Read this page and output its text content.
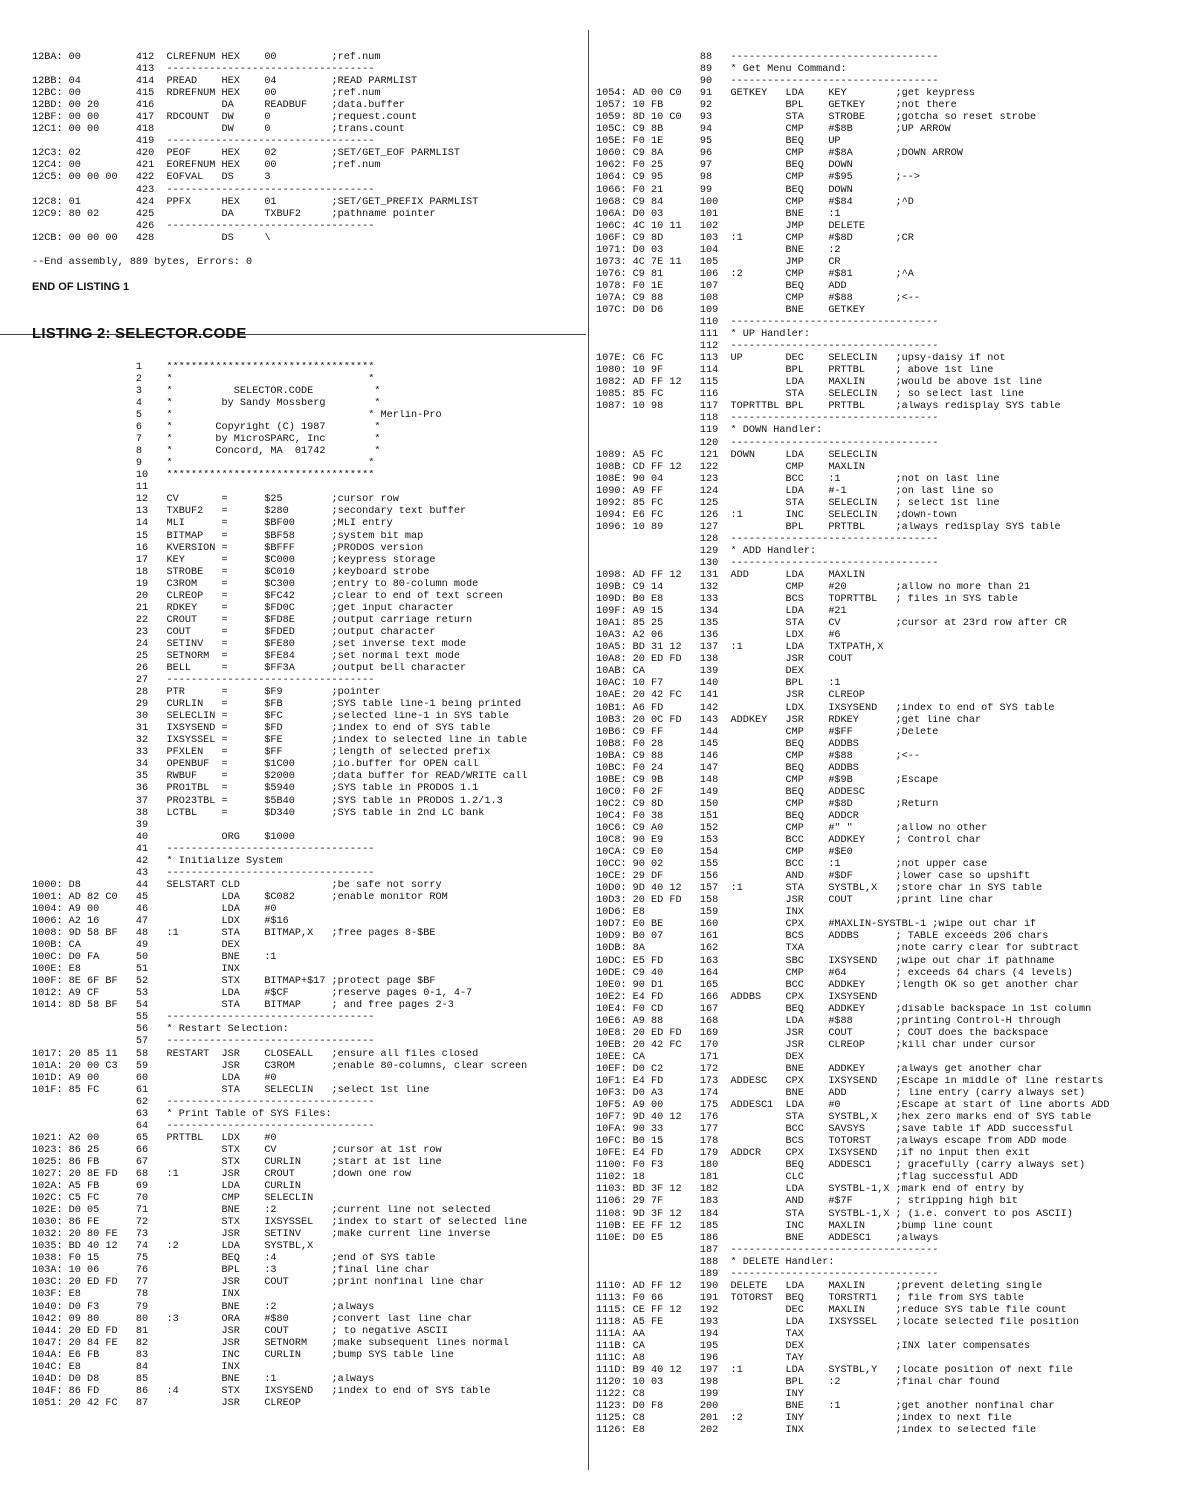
12BA: 00         412  CLREFNUM HEX    00         ;ref.num
413  ----------------------------------
12BB: 04         414  PREAD    HEX    04         ;READ PARMLIST
12BC: 00         415  RDREFNUM HEX    00         ;ref.num
12BD: 00 20      416           DA     READBUF    ;data.buffer
12BF: 00 00      417  RDCOUNT  DW     0          ;request.count
12C1: 00 00      418           DW     0          ;trans.count
419  ----------------------------------
12C3: 02         420  PEOF     HEX    02         ;SET/GET_EOF PARMLIST
12C4: 00         421  EOREFNUM HEX    00         ;ref.num
12C5: 00 00 00   422  EOFVAL   DS     3
423  ----------------------------------
12C8: 01         424  PPFX     HEX    01         ;SET/GET_PREFIX PARMLIST
12C9: 80 02      425           DA     TXBUF2     ;pathname pointer
426  ----------------------------------
12CB: 00 00 00   428           DS     \
--End assembly, 889 bytes, Errors: 0
END OF LISTING 1
LISTING 2: SELECTOR.CODE
1    **********************************
2    *                                *
3    *          SELECTOR.CODE          *
4    *        by Sandy Mossberg        *
5    *                                * Merlin-Pro
6    *       Copyright (C) 1987        *
7    *       by MicroSPARC, Inc        *
8    *       Concord, MA  01742        *
9    *                                *
10   **********************************
11
12   CV       =      $25        ;cursor row
13   TXBUF2   =      $280       ;secondary text buffer
14   MLI      =      $BF00      ;MLI entry
15   BITMAP   =      $BF58      ;system bit map
16   KVERSION =      $BFFF      ;PRODOS version
17   KEY      =      $C000      ;keypress storage
18   STROBE   =      $C010      ;keyboard strobe
19   C3ROM    =      $C300      ;entry to 80-column mode
20   CLREOP   =      $FC42      ;clear to end of text screen
21   RDKEY    =      $FD0C      ;get input character
22   CROUT    =      $FD8E      ;output carriage return
23   COUT     =      $FDED      ;output character
24   SETINV   =      $FE80      ;set inverse text mode
25   SETNORM  =      $FE84      ;set normal text mode
26   BELL     =      $FF3A      ;output bell character
27   ----------------------------------
28   PTR      =      $F9        ;pointer
29   CURLIN   =      $FB        ;SYS table line-1 being printed
30   SELECLIN =      $FC        ;selected line-1 in SYS table
31   IXSYSEND =      $FD        ;index to end of SYS table
32   IXSYSSEL =      $FE        ;index to selected line in table
33   PFXLEN   =      $FF        ;length of selected prefix
34   OPENBUF  =      $1C00      ;io.buffer for OPEN call
35   RWBUF    =      $2000      ;data buffer for READ/WRITE call
36   PRO1TBL  =      $5940      ;SYS table in PRODOS 1.1
37   PRO23TBL =      $5B40      ;SYS table in PRODOS 1.2/1.3
38   LCTBL    =      $D340      ;SYS table in 2nd LC bank
39
40            ORG    $1000
41   ----------------------------------
42   * Initialize System
43   ----------------------------------
1000: D8         44   SELSTART CLD               ;be safe not sorry
1001: AD 82 C0   45            LDA    $C082      ;enable monitor ROM
1004: A9 00      46            LDA    #0
1006: A2 16      47            LDX    #$16
1008: 9D 58 BF   48   :1       STA    BITMAP,X   ;free pages 8-$BE
100B: CA         49            DEX
100C: D0 FA      50            BNE    :1
100E: E8         51            INX
100F: 8E 6F BF   52            STX    BITMAP+$17 ;protect page $BF
1012: A9 CF      53            LDA    #$CF       ;reserve pages 0-1, 4-7
1014: 8D 58 BF   54            STA    BITMAP     ; and free pages 2-3
55   ----------------------------------
56   * Restart Selection:
57   ----------------------------------
1017: 20 85 11   58   RESTART  JSR    CLOSEALL   ;ensure all files closed
101A: 20 00 C3   59            JSR    C3ROM      ;enable 80-columns, clear screen
101D: A9 00      60            LDA    #0
101F: 85 FC      61            STA    SELECLIN   ;select 1st line
62   ----------------------------------
63   * Print Table of SYS Files:
64   ----------------------------------
1021: A2 00      65   PRTTBL   LDX    #0
1023: 86 25      66            STX    CV         ;cursor at 1st row
1025: 86 FB      67            STX    CURLIN     ;start at 1st line
1027: 20 8E FD   68   :1       JSR    CROUT      ;down one row
102A: A5 FB      69            LDA    CURLIN
102C: C5 FC      70            CMP    SELECLIN
102E: D0 05      71            BNE    :2         ;current line not selected
1030: 86 FE      72            STX    IXSYSSEL   ;index to start of selected line
1032: 20 80 FE   73            JSR    SETINV     ;make current line inverse
1035: BD 40 12   74   :2       LDA    SYSTBL,X
1038: F0 15      75            BEQ    :4         ;end of SYS table
103A: 10 06      76            BPL    :3         ;final line char
103C: 20 ED FD   77            JSR    COUT       ;print nonfinal line char
103F: E8         78            INX
1040: D0 F3      79            BNE    :2         ;always
1042: 09 80      80   :3       ORA    #$80       ;convert last line char
1044: 20 ED FD   81            JSR    COUT       ; to negative ASCII
1047: 20 84 FE   82            JSR    SETNORM    ;make subsequent lines normal
104A: E6 FB      83            INC    CURLIN     ;bump SYS table line
104C: E8         84            INX
104D: D0 D8      85            BNE    :1         ;always
104F: 86 FD      86   :4       STX    IXSYSEND   ;index to end of SYS table
1051: 20 42 FC   87            JSR    CLREOP
88   ----------------------------------
89   * Get Menu Command:
90   ----------------------------------
1054: AD 00 C0   91   GETKEY   LDA    KEY        ;get keypress
1057: 10 FB      92            BPL    GETKEY     ;not there
1059: 8D 10 C0   93            STA    STROBE     ;gotcha so reset strobe
105C: C9 8B      94            CMP    #$8B       ;UP ARROW
105E: F0 1E      95            BEQ    UP
1060: C9 8A      96            CMP    #$8A       ;DOWN ARROW
1062: F0 25      97            BEQ    DOWN
1064: C9 95      98            CMP    #$95       ;-->
1066: F0 21      99            BEQ    DOWN
1068: C9 84      100           CMP    #$84       ;^D
106A: D0 03      101           BNE    :1
106C: 4C 10 11   102           JMP    DELETE
106F: C9 8D      103  :1       CMP    #$8D       ;CR
1071: D0 03      104           BNE    :2
1073: 4C 7E 11   105           JMP    CR
1076: C9 81      106  :2       CMP    #$81       ;^A
1078: F0 1E      107           BEQ    ADD
107A: C9 88      108           CMP    #$88       ;<--
107C: D0 D6      109           BNE    GETKEY
110  ----------------------------------
111  * UP Handler:
112  ----------------------------------
107E: C6 FC      113  UP       DEC    SELECLIN   ;upsy-daisy if not
1080: 10 9F      114           BPL    PRTTBL     ; above 1st line
1082: AD FF 12   115           LDA    MAXLIN     ;would be above 1st line
1085: 85 FC      116           STA    SELECLIN   ; so select last line
1087: 10 98      117  TOPRTTBL BPL    PRTTBL     ;always redisplay SYS table
118  ----------------------------------
119  * DOWN Handler:
120  ----------------------------------
1089: A5 FC      121  DOWN     LDA    SELECLIN
108B: CD FF 12   122           CMP    MAXLIN
108E: 90 04      123           BCC    :1         ;not on last line
1090: A9 FF      124           LDA    #-1        ;on last line so
1092: 85 FC      125           STA    SELECLIN   ; select 1st line
1094: E6 FC      126  :1       INC    SELECLIN   ;down-town
1096: 10 89      127           BPL    PRTTBL     ;always redisplay SYS table
128  ----------------------------------
129  * ADD Handler:
130  ----------------------------------
1098: AD FF 12   131  ADD      LDA    MAXLIN
109B: C9 14      132           CMP    #20        ;allow no more than 21
109D: B0 E8      133           BCS    TOPRTTBL   ; files in SYS table
109F: A9 15      134           LDA    #21
10A1: 85 25      135           STA    CV         ;cursor at 23rd row after CR
10A3: A2 06      136           LDX    #6
10A5: BD 31 12   137  :1       LDA    TXTPATH,X
10A8: 20 ED FD   138           JSR    COUT
10AB: CA         139           DEX
10AC: 10 F7      140           BPL    :1
10AE: 20 42 FC   141           JSR    CLREOP
10B1: A6 FD      142           LDX    IXSYSEND   ;index to end of SYS table
10B3: 20 0C FD   143  ADDKEY   JSR    RDKEY      ;get line char
10B6: C9 FF      144           CMP    #$FF       ;Delete
10B8: F0 28      145           BEQ    ADDBS
10BA: C9 88      146           CMP    #$88       ;<--
10BC: F0 24      147           BEQ    ADDBS
10BE: C9 9B      148           CMP    #$9B       ;Escape
10C0: F0 2F      149           BEQ    ADDESC
10C2: C9 8D      150           CMP    #$8D       ;Return
10C4: F0 38      151           BEQ    ADDCR
10C6: C9 A0      152           CMP    #" "       ;allow no other
10C8: 90 E9      153           BCC    ADDKEY     ; Control char
10CA: C9 E0      154           CMP    #$E0
10CC: 90 02      155           BCC    :1         ;not upper case
10CE: 29 DF      156           AND    #$DF       ;lower case so upshift
10D0: 9D 40 12   157  :1       STA    SYSTBL,X   ;store char in SYS table
10D3: 20 ED FD   158           JSR    COUT       ;print line char
10D6: E8         159           INX
10D7: E0 BE      160           CPX    #MAXLIN-SYSTBL-1 ;wipe out char if
10D9: B0 07      161           BCS    ADDBS      ; TABLE exceeds 206 chars
10DB: 8A         162           TXA               ;note carry clear for subtract
10DC: E5 FD      163           SBC    IXSYSEND   ;wipe out char if pathname
10DE: C9 40      164           CMP    #64        ; exceeds 64 chars (4 levels)
10E0: 90 D1      165           BCC    ADDKEY     ;length OK so get another char
10E2: E4 FD      166  ADDBS    CPX    IXSYSEND
10E4: F0 CD      167           BEQ    ADDKEY     ;disable backspace in 1st column
10E6: A9 88      168           LDA    #$88       ;printing Control-H through
10E8: 20 ED FD   169           JSR    COUT       ; COUT does the backspace
10EB: 20 42 FC   170           JSR    CLREOP     ;kill char under cursor
10EE: CA         171           DEX
10EF: D0 C2      172           BNE    ADDKEY     ;always get another char
10F1: E4 FD      173  ADDESC   CPX    IXSYSEND   ;Escape in middle of line restarts
10F3: D0 A3      174           BNE    ADD        ; line entry (carry always set)
10F5: A9 00      175  ADDESC1  LDA    #0         ;Escape at start of line aborts ADD
10F7: 9D 40 12   176           STA    SYSTBL,X   ;hex zero marks end of SYS table
10FA: 90 33      177           BCC    SAVSYS     ;save table if ADD successful
10FC: B0 15      178           BCS    TOTORST    ;always escape from ADD mode
10FE: E4 FD      179  ADDCR    CPX    IXSYSEND   ;if no input then exit
1100: F0 F3      180           BEQ    ADDESC1    ; gracefully (carry always set)
1102: 18         181           CLC               ;flag successful ADD
1103: BD 3F 12   182           LDA    SYSTBL-1,X ;mark end of entry by
1106: 29 7F      183           AND    #$7F       ; stripping high bit
1108: 9D 3F 12   184           STA    SYSTBL-1,X ; (i.e. convert to pos ASCII)
110B: EE FF 12   185           INC    MAXLIN     ;bump line count
110E: D0 E5      186           BNE    ADDESC1    ;always
187  ----------------------------------
188  * DELETE Handler:
189  ----------------------------------
1110: AD FF 12   190  DELETE   LDA    MAXLIN     ;prevent deleting single
1113: F0 66      191  TOTORST  BEQ    TORSTRT1   ; file from SYS table
1115: CE FF 12   192           DEC    MAXLIN     ;reduce SYS table file count
1118: A5 FE      193           LDA    IXSYSSEL   ;locate selected file position
111A: AA         194           TAX
111B: CA         195           DEX               ;INX later compensates
111C: A8         196           TAY
111D: B9 40 12   197  :1       LDA    SYSTBL,Y   ;locate position of next file
1120: 10 03      198           BPL    :2         ;final char found
1122: C8         199           INY
1123: D0 F8      200           BNE    :1         ;get another nonfinal char
1125: C8         201  :2       INY               ;index to next file
1126: E8         202           INX               ;index to selected file
